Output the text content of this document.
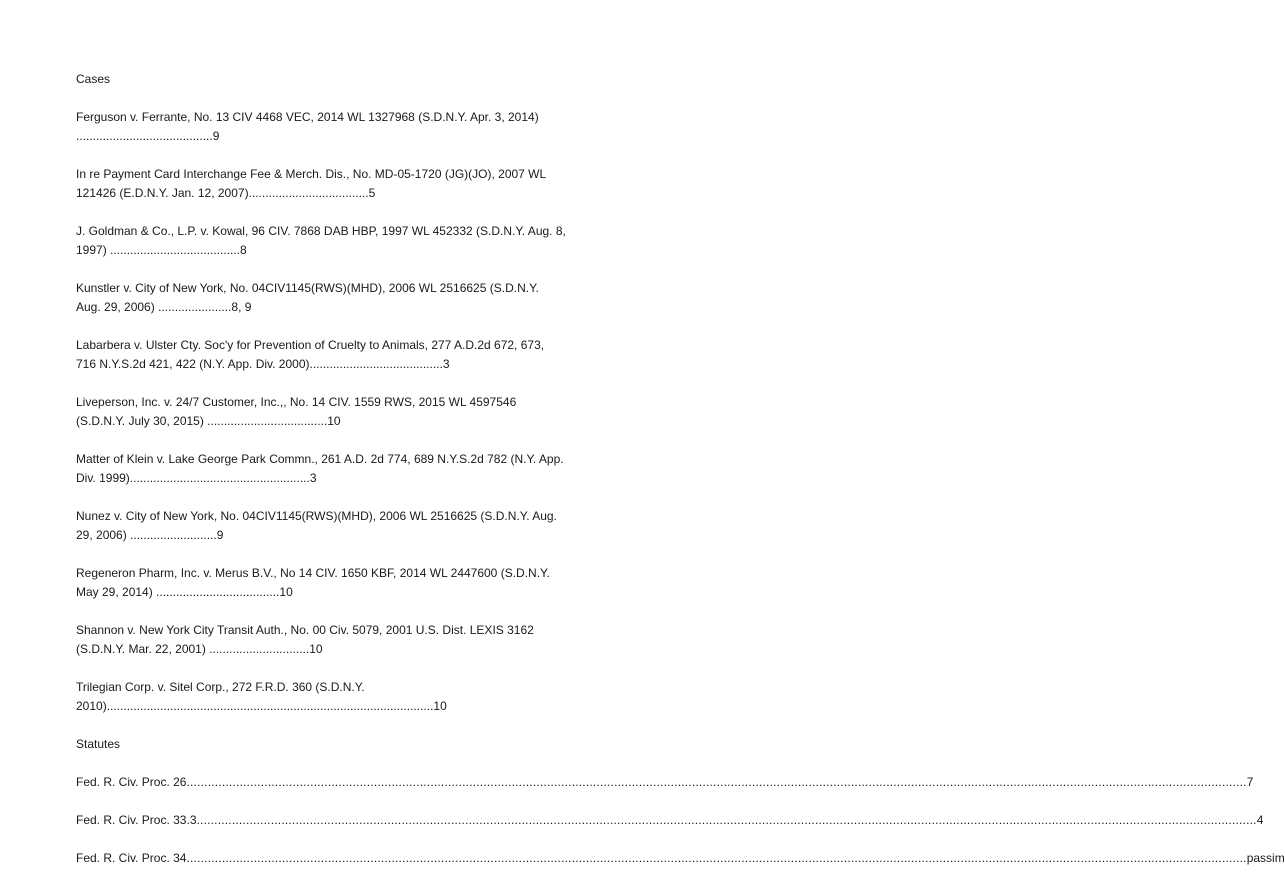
Cases
Ferguson v. Ferrante, No. 13 CIV 4468 VEC, 2014 WL 1327968 (S.D.N.Y. Apr. 3, 2014) .........................................9
In re Payment Card Interchange Fee & Merch. Dis., No. MD-05-1720 (JG)(JO), 2007 WL 121426 (E.D.N.Y. Jan. 12, 2007)....................................5
J. Goldman & Co., L.P. v. Kowal, 96 CIV. 7868 DAB HBP, 1997 WL 452332 (S.D.N.Y. Aug. 8, 1997) .......................................8
Kunstler v. City of New York, No. 04CIV1145(RWS)(MHD), 2006 WL 2516625 (S.D.N.Y. Aug. 29, 2006) ......................8, 9
Labarbera v. Ulster Cty. Soc'y for Prevention of Cruelty to Animals, 277 A.D.2d 672, 673, 716 N.Y.S.2d 421, 422 (N.Y. App. Div. 2000)........................................3
Liveperson, Inc. v. 24/7 Customer, Inc.,, No. 14 CIV. 1559 RWS, 2015 WL 4597546 (S.D.N.Y. July 30, 2015) ....................................10
Matter of Klein v. Lake George Park Commn., 261 A.D. 2d 774, 689 N.Y.S.2d 782 (N.Y. App. Div. 1999)......................................................3
Nunez v. City of New York, No. 04CIV1145(RWS)(MHD), 2006 WL 2516625 (S.D.N.Y. Aug. 29, 2006) ..........................9
Regeneron Pharm, Inc. v. Merus B.V., No 14 CIV. 1650 KBF, 2014 WL 2447600 (S.D.N.Y. May 29, 2014) .....................................10
Shannon v. New York City Transit Auth., No. 00 Civ. 5079, 2001 U.S. Dist. LEXIS 3162 (S.D.N.Y. Mar. 22, 2001) ..............................10
Trilegian Corp. v. Sitel Corp., 272 F.R.D. 360 (S.D.N.Y. 2010)..................................................................................................10
Statutes
Fed. R. Civ. Proc. 26 ............................................................................................................................................................................................................................................................................................................ 7
Fed. R. Civ. Proc. 33.3 ............................................................................................................................................................................................................................................................................................................ 4
Fed. R. Civ. Proc. 34 ............................................................................................................................................................................................................................................................................................................ passim
